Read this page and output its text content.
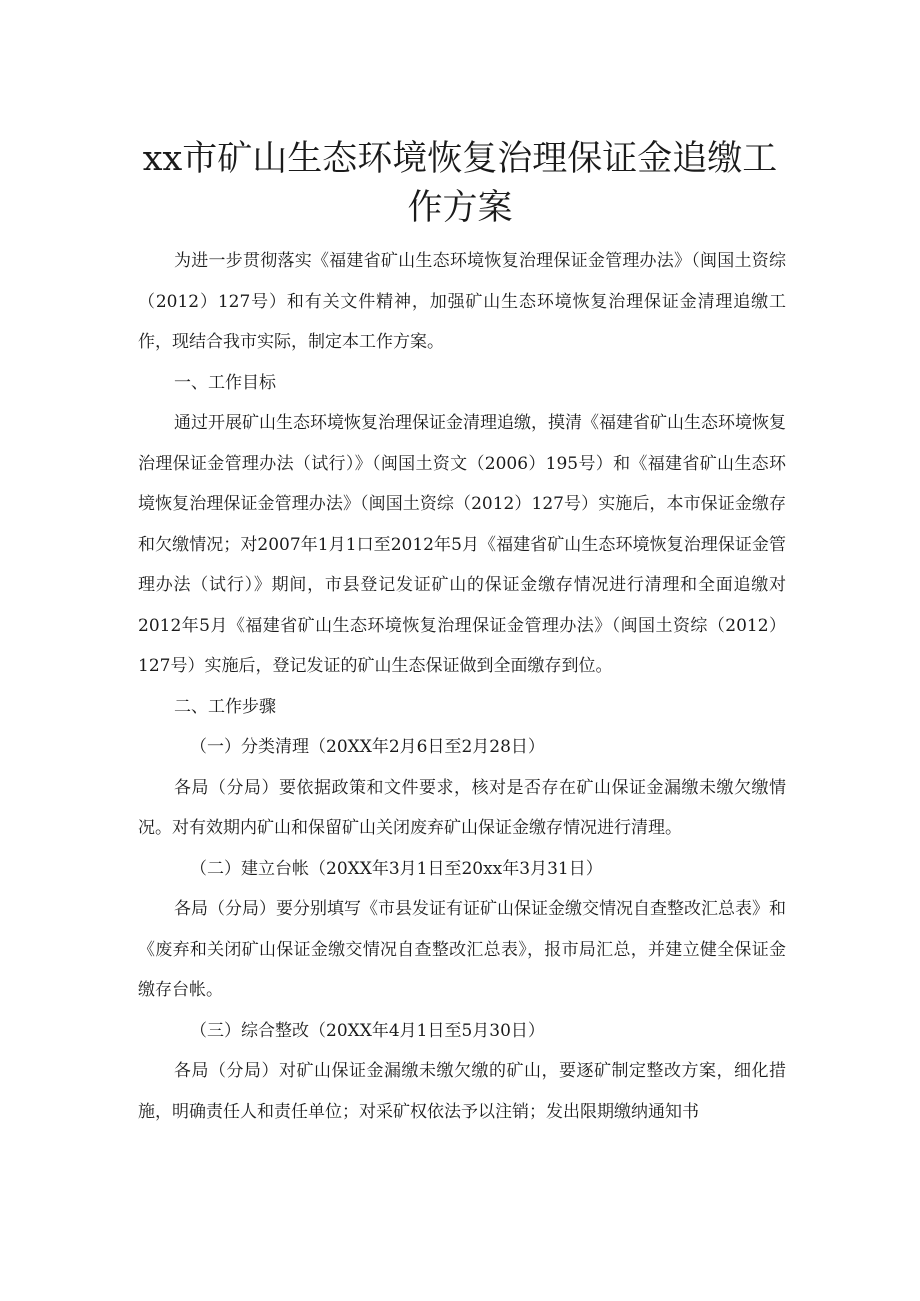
xx市矿山生态环境恢复治理保证金追缴工
作方案

为进一步贯彻落实《福建省矿山生态环境恢复治理保证金管理办法》（闽国土资综（2012）127号）和有关文件精神，加强矿山生态环境恢复治理保证金清理追缴工作，现结合我市实际，制定本工作方案。

一、工作目标

通过开展矿山生态环境恢复治理保证金清理追缴，摸清《福建省矿山生态环境恢复治理保证金管理办法（试行）》（闽国土资文（2006）195号）和《福建省矿山生态环境恢复治理保证金管理办法》（闽国土资综（2012）127号）实施后，本市保证金缴存和欠缴情况；对2007年1月1口至2012年5月《福建省矿山生态环境恢复治理保证金管理办法（试行）》期间，市县登记发证矿山的保证金缴存情况进行清理和全面追缴对2012年5月《福建省矿山生态环境恢复治理保证金管理办法》（闽国土资综（2012）127号）实施后，登记发证的矿山生态保证做到全面缴存到位。

二、工作步骤

（一）分类清理（20XX年2月6日至2月28日）

各局（分局）要依据政策和文件要求，核对是否存在矿山保证金漏缴未缴欠缴情况。对有效期内矿山和保留矿山关闭废弃矿山保证金缴存情况进行清理。

（二）建立台帐（20XX年3月1日至20xx年3月31日）

各局（分局）要分别填写《市县发证有证矿山保证金缴交情况自查整改汇总表》和《废弃和关闭矿山保证金缴交情况自查整改汇总表》，报市局汇总，并建立健全保证金缴存台帐。

（三）综合整改（20XX年4月1日至5月30日）

各局（分局）对矿山保证金漏缴未缴欠缴的矿山，要逐矿制定整改方案，细化措施，明确责任人和责任单位；对采矿权依法予以注销；发出限期缴纳通知书
